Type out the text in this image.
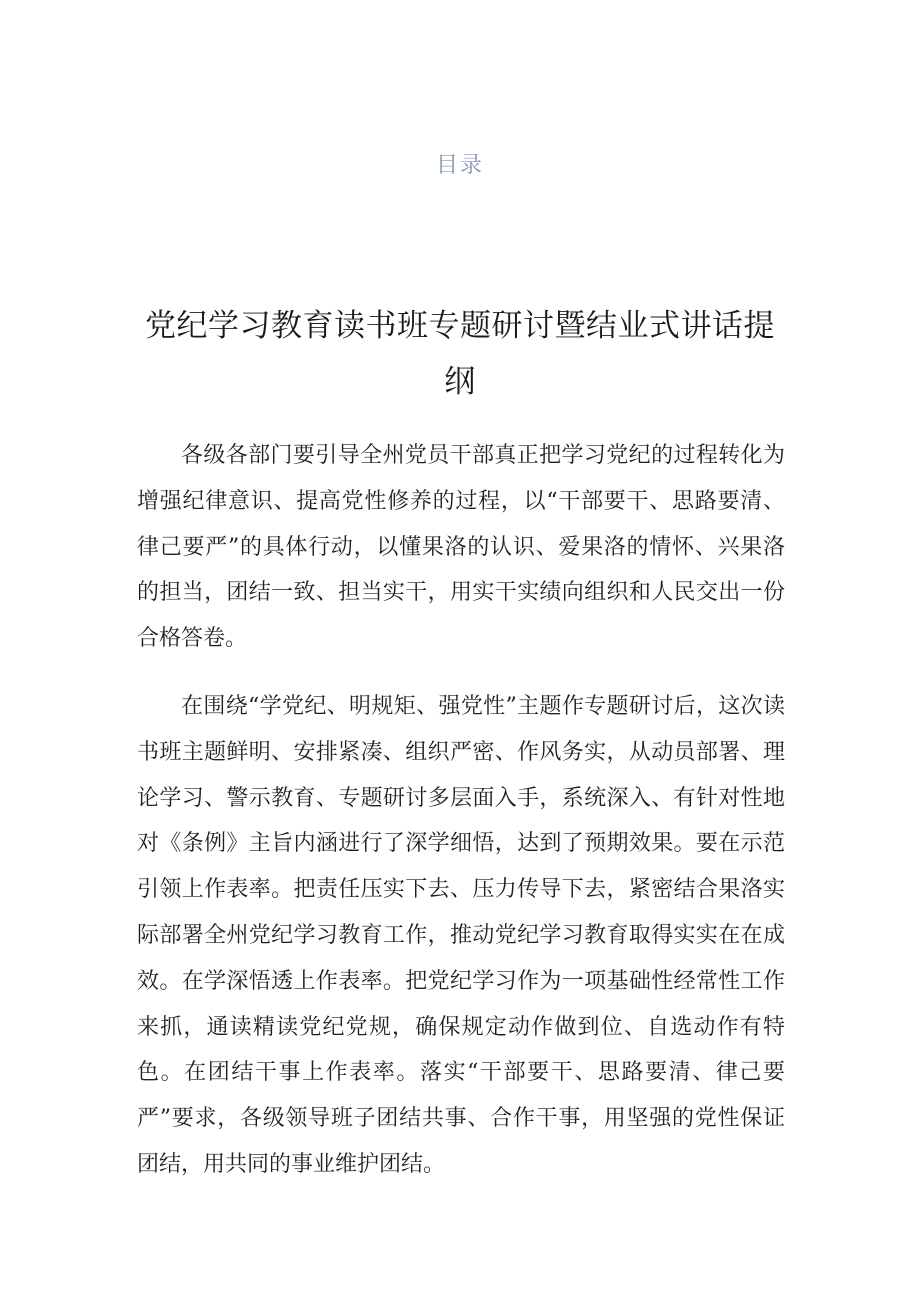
目录
党纪学习教育读书班专题研讨暨结业式讲话提纲

各级各部门要引导全州党员干部真正把学习党纪的过程转化为增强纪律意识、提高党性修养的过程，以“干部要干、思路要清、律己要严”的具体行动，以懂果洛的认识、爱果洛的情怀、兴果洛的担当，团结一致、担当实干，用实干实绩向组织和人民交出一份合格答卷。

在围绕“学党纪、明规矩、强党性”主题作专题研讨后，这次读书班主题鲜明、安排紧凑、组织严密、作风务实，从动员部署、理论学习、警示教育、专题研讨多层面入手，系统深入、有针对性地对《条例》主旨内涵进行了深学细悟，达到了预期效果。要在示范引领上作表率。把责任压实下去、压力传导下去，紧密结合果洛实际部署全州党纪学习教育工作，推动党纪学习教育取得实实在在成效。在学深悟透上作表率。把党纪学习作为一项基础性经常性工作来抓，通读精读党纪党规，确保规定动作做到位、自选动作有特色。在团结干事上作表率。落实“干部要干、思路要清、律己要严”要求，各级领导班子团结共事、合作干事，用坚强的党性保证团结，用共同的事业维护团结。
